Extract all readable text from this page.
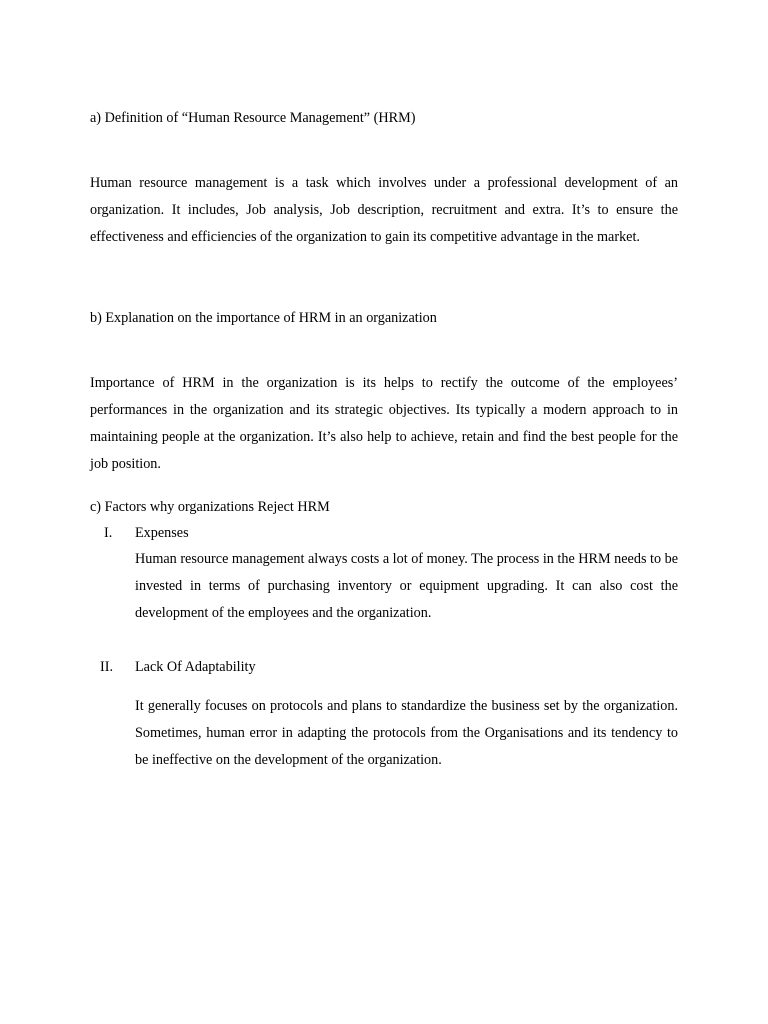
a) Definition of “Human Resource Management” (HRM)
Human resource management is a task which involves under a professional development of an organization. It includes, Job analysis, Job description, recruitment and extra. It’s to ensure the effectiveness and efficiencies of the organization to gain its competitive advantage in the market.
b) Explanation on the importance of HRM in an organization
Importance of HRM in the organization is its helps to rectify the outcome of the employees’ performances in the organization and its strategic objectives. Its typically a modern approach to in maintaining people at the organization. It’s also help to achieve, retain and find the best people for the job position.
c) Factors why organizations Reject HRM
I. Expenses
Human resource management always costs a lot of money. The process in the HRM needs to be invested in terms of purchasing inventory or equipment upgrading. It can also cost the development of the employees and the organization.
II. Lack Of Adaptability
It generally focuses on protocols and plans to standardize the business set by the organization. Sometimes, human error in adapting the protocols from the Organisations and its tendency to be ineffective on the development of the organization.
